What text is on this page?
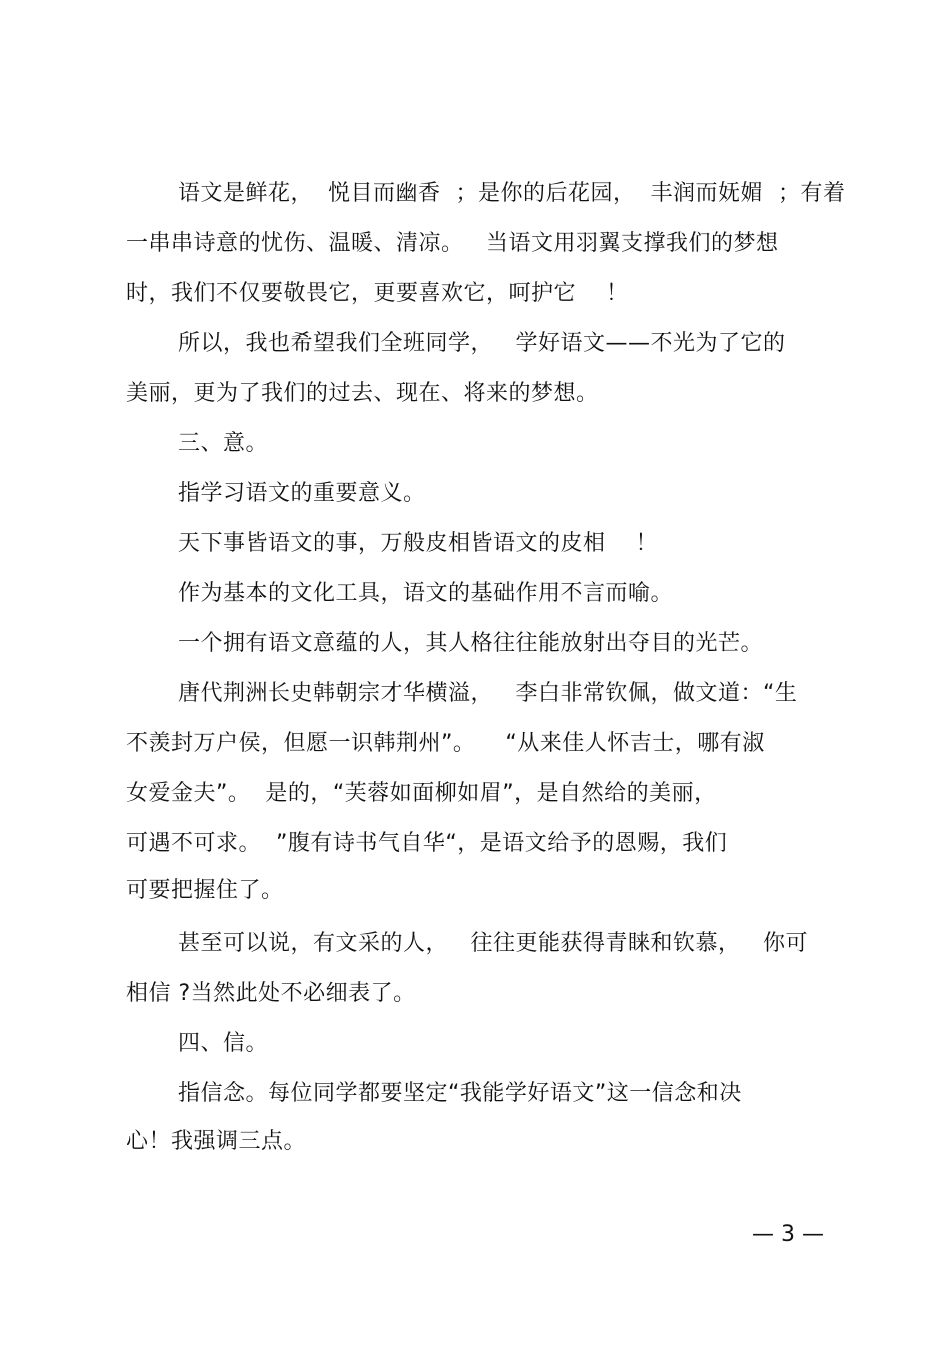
语文是鲜花，  悦目而幽香  ；是你的后花园，  丰润而妩媚  ；有着
一串串诗意的忧伤、温暖、清凉。   当语文用羽翼支撑我们的梦想
时，我们不仅要敬畏它，更要喜欢它，呵护它    ！
所以，我也希望我们全班同学，   学好语文——不光为了它的
美丽，更为了我们的过去、现在、将来的梦想。
三、意。
指学习语文的重要意义。
天下事皆语文的事，万般皮相皆语文的皮相    ！
作为基本的文化工具，语文的基础作用不言而喻。
一个拥有语文意蕴的人，其人格往往能放射出夺目的光芒。
唐代荆洲长史韩朝宗才华横溢，   李白非常钦佩，做文道：“生
不羡封万户侯，但愿一识韩荆州”。    “从来佳人怀吉士，哪有淑
女爱金夫”。  是的，“芙蓉如面柳如眉”，是自然给的美丽，
可遇不可求。  ”腹有诗书气自华“，是语文给予的恩赐，我们
可要把握住了。
甚至可以说，有文采的人，   往往更能获得青睐和钦慕，   你可
相信 ?当然此处不必细表了。
四、信。
指信念。每位同学都要坚定“我能学好语文”这一信念和决
心！我强调三点。
— 3 —
